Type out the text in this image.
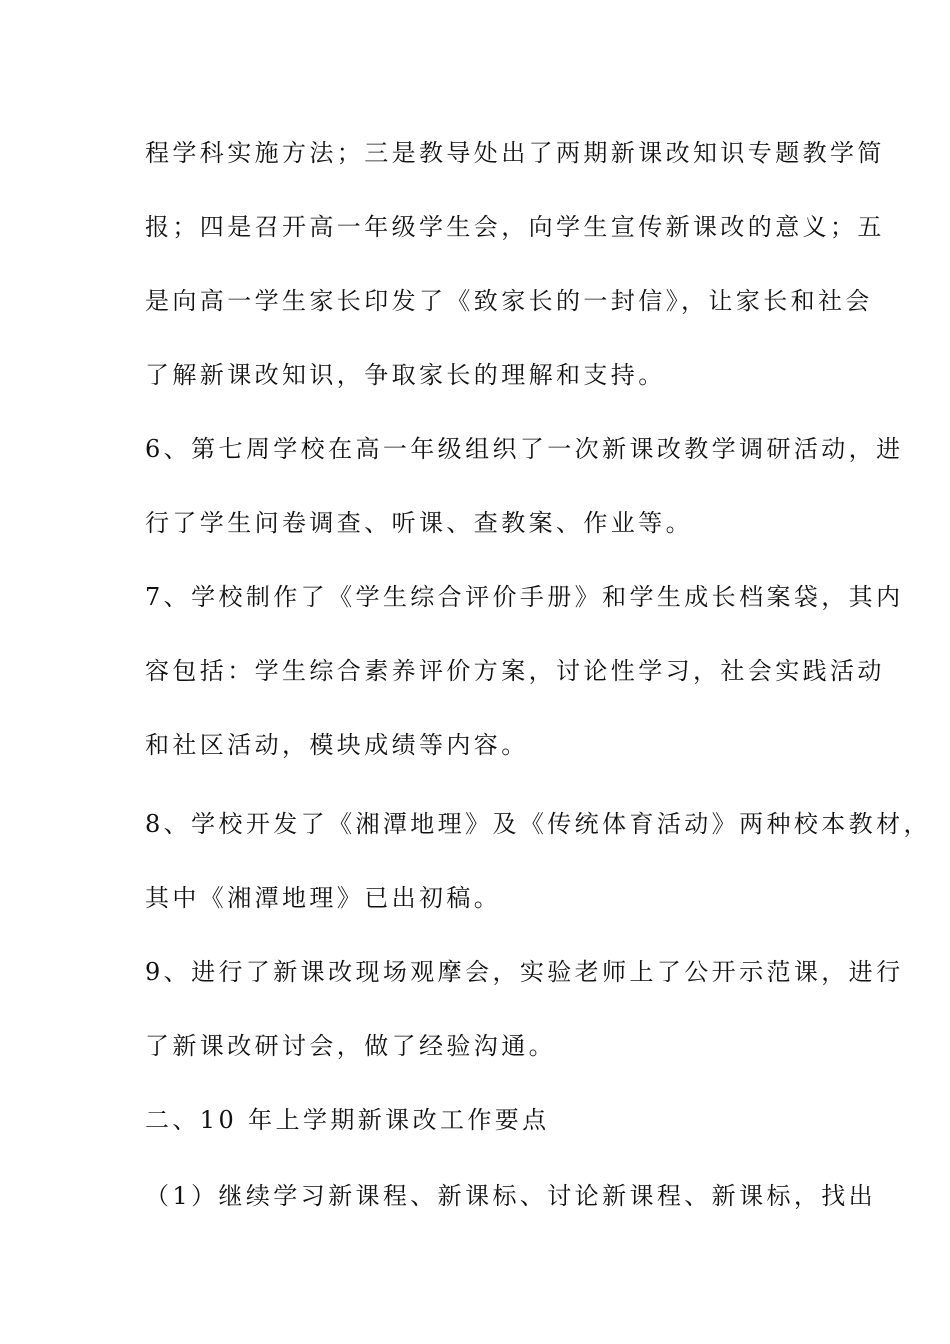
程学科实施方法；三是教导处出了两期新课改知识专题教学简

报；四是召开高一年级学生会，向学生宣传新课改的意义；五

是向高一学生家长印发了《致家长的一封信》，让家长和社会

了解新课改知识，争取家长的理解和支持。

6、第七周学校在高一年级组织了一次新课改教学调研活动，进

行了学生问卷调查、听课、查教案、作业等。

7、学校制作了《学生综合评价手册》和学生成长档案袋，其内

容包括：学生综合素养评价方案，讨论性学习，社会实践活动

和社区活动，模块成绩等内容。

8、学校开发了《湘潭地理》及《传统体育活动》两种校本教材，

其中《湘潭地理》已出初稿。

9、进行了新课改现场观摩会，实验老师上了公开示范课，进行

了新课改研讨会，做了经验沟通。

二、10 年上学期新课改工作要点

（1）继续学习新课程、新课标、讨论新课程、新课标，找出
